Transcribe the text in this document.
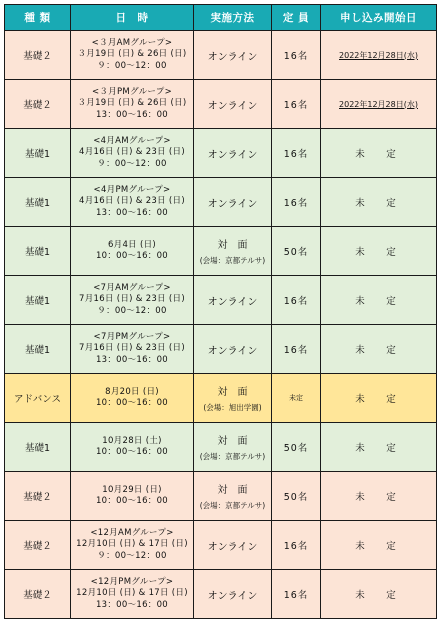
種 類	日　時	実施方法	定 員	申し込み開始日
基礎２	<３月AMグループ>
３月19日 (日) & 26日 (日)
９：00～12：00	オンライン	16名	2022年12月28日(水)
基礎２	<３月PMグループ>
３月19日 (日) & 26日 (日)
13：00～16：00	オンライン	16名	2022年12月28日(水)
基礎1	<4月AMグループ>
4月16日 (日) & 23日 (日)
９：00～12：00	オンライン	16名	未　定
基礎1	<4月PMグループ>
4月16日 (日) & 23日 (日)
13：00～16：00	オンライン	16名	未　定
基礎1	6月4日 (日)
10：00～16：00	対　面
(会場：京都テルサ)	50名	未　定
基礎1	<7月AMグループ>
7月16日 (日) & 23日 (日)
９：00～12：00	オンライン	16名	未　定
基礎1	<7月PMグループ>
7月16日 (日) & 23日 (日)
13：00～16：00	オンライン	16名	未　定
アドバンス	8月20日 (日)
10：00～16：00	対　面
(会場：旭出学園)	未定	未　定
基礎1	10月28日 (土)
10：00～16：00	対　面
(会場：京都テルサ)	50名	未　定
基礎２	10月29日 (日)
10：00～16：00	対　面
(会場：京都テルサ)	50名	未　定
基礎２	<12月AMグループ>
12月10日 (日) & 17日 (日)
９：00～12：00	オンライン	16名	未　定
基礎２	<12月PMグループ>
12月10日 (日) & 17日 (日)
13：00～16：00	オンライン	16名	未　定
